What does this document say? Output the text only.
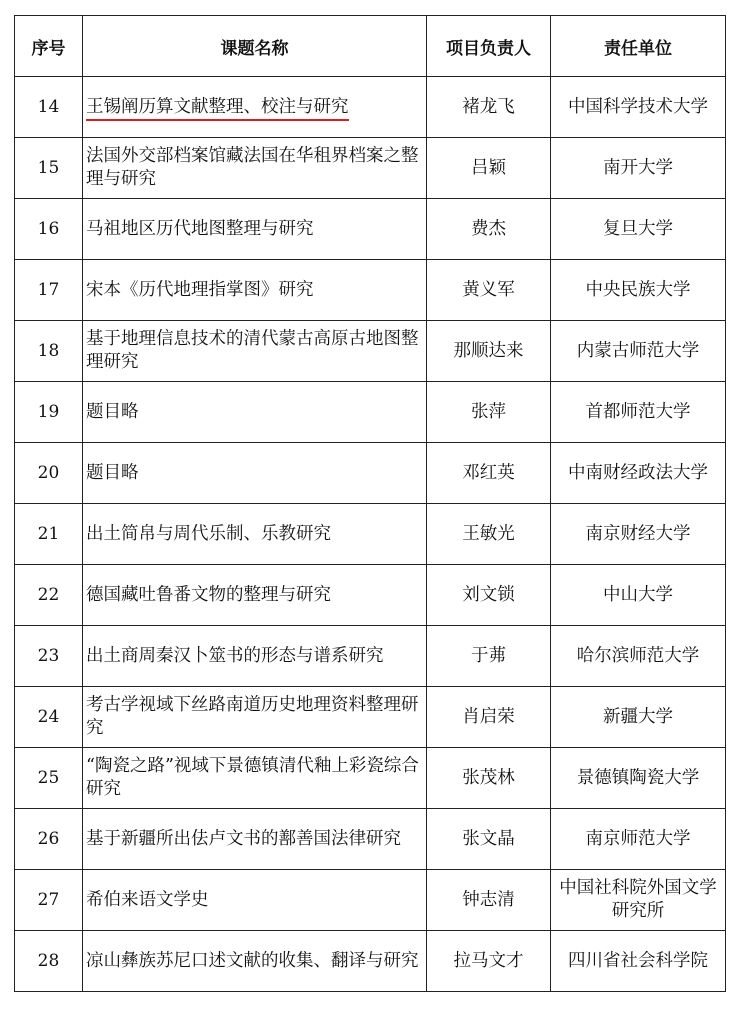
序号	课题名称	项目负责人	责任单位
14	王锡阐历算文献整理、校注与研究	褚龙飞	中国科学技术大学
15	法国外交部档案馆藏法国在华租界档案之整理与研究	吕颖	南开大学
16	马祖地区历代地图整理与研究	费杰	复旦大学
17	宋本《历代地理指掌图》研究	黄义军	中央民族大学
18	基于地理信息技术的清代蒙古高原古地图整理研究	那顺达来	内蒙古师范大学
19	题目略	张萍	首都师范大学
20	题目略	邓红英	中南财经政法大学
21	出土简帛与周代乐制、乐教研究	王敏光	南京财经大学
22	德国藏吐鲁番文物的整理与研究	刘文锁	中山大学
23	出土商周秦汉卜筮书的形态与谱系研究	于茀	哈尔滨师范大学
24	考古学视域下丝路南道历史地理资料整理研究	肖启荣	新疆大学
25	“陶瓷之路”视域下景德镇清代釉上彩瓷综合研究	张茂林	景德镇陶瓷大学
26	基于新疆所出佉卢文书的鄯善国法律研究	张文晶	南京师范大学
27	希伯来语文学史	钟志清	中国社科院外国文学研究所
28	凉山彝族苏尼口述文献的收集、翻译与研究	拉马文才	四川省社会科学院
